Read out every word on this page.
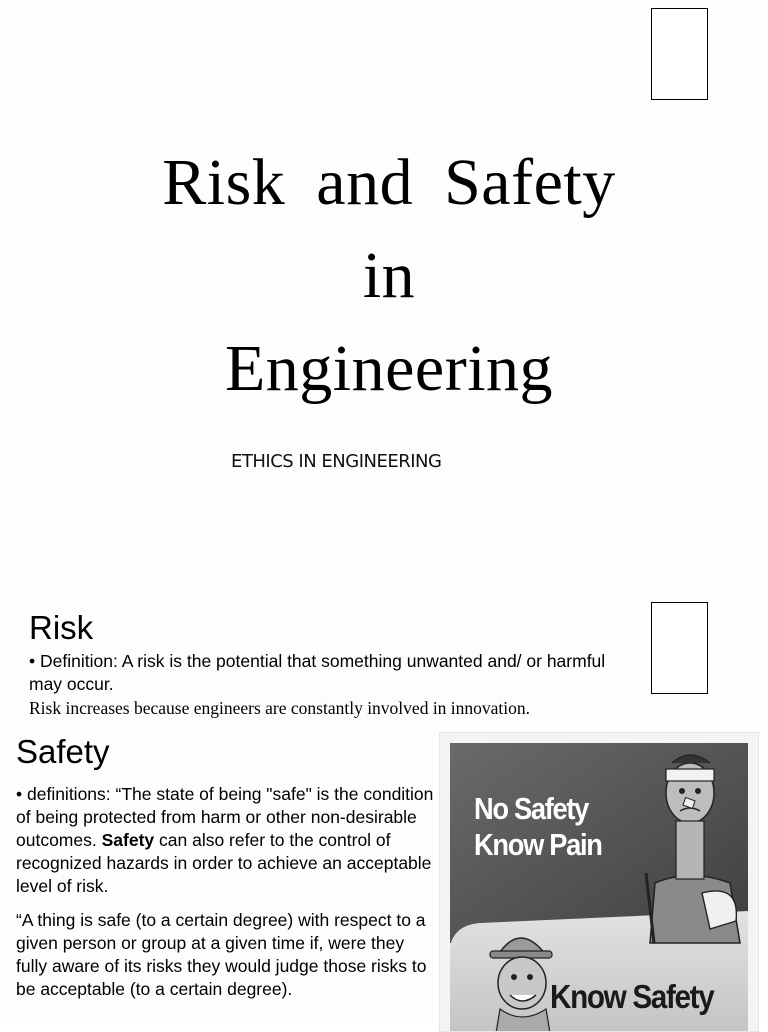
Risk and Safety
in
Engineering

ETHICS IN ENGINEERING

Risk

• Definition: A risk is the potential that something unwanted and/ or harmful may occur.

Risk increases because engineers are constantly involved in innovation.

Safety

• definitions: “The state of being "safe" is the condition of being protected from harm or other non-desirable outcomes. Safety can also refer to the control of recognized hazards in order to achieve an acceptable level of risk.

“A thing is safe (to a certain degree) with respect to a given person or group at a given time if, were they fully aware of its risks they would judge those risks to be acceptable (to a certain degree).

No Safety
Know Pain
Know Safety
